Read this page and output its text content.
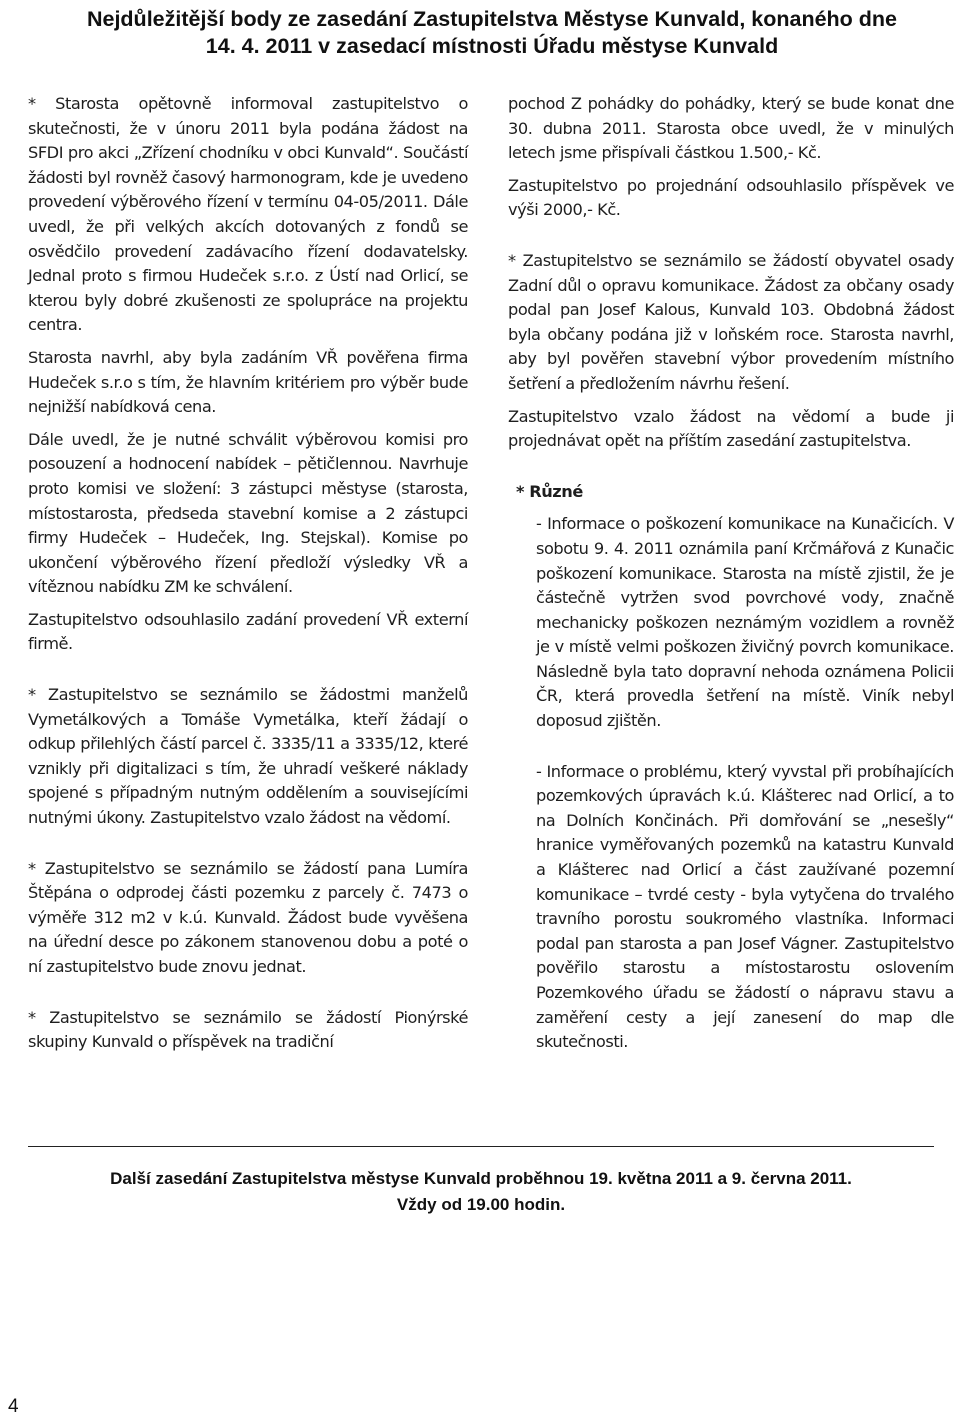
Nejdůležitější body ze zasedání Zastupitelstva Městyse Kunvald, konaného dne
14. 4. 2011 v zasedací místnosti Úřadu městyse Kunvald

* Starosta opětovně informoval zastupitelstvo o skutečnosti, že v únoru 2011 byla podána žádost na SFDI pro akci „Zřízení chodníku v obci Kunvald“. Součástí žádosti byl rovněž časový harmonogram, kde je uvedeno provedení výběrového řízení v termínu 04-05/2011. Dále uvedl, že při velkých akcích dotovaných z fondů se osvědčilo provedení zadávacího řízení dodavatelsky. Jednal proto s firmou Hudeček s.r.o. z Ústí nad Orlicí, se kterou byly dobré zkušenosti ze spolupráce na projektu centra.

Starosta navrhl, aby byla zadáním VŘ pověřena firma Hudeček s.r.o s tím, že hlavním kritériem pro výběr bude nejnižší nabídková cena.

Dále uvedl, že je nutné schválit výběrovou komisi pro posouzení a hodnocení nabídek – pětičlennou. Navrhuje proto komisi ve složení: 3 zástupci městyse (starosta, místostarosta, předseda stavební komise a 2 zástupci firmy Hudeček – Hudeček, Ing. Stejskal). Komise po ukončení výběrového řízení předloží výsledky VŘ a vítěznou nabídku ZM ke schválení.

Zastupitelstvo odsouhlasilo zadání provedení VŘ externí firmě.

* Zastupitelstvo se seznámilo se žádostmi manželů Vymetálkových a Tomáše Vymetálka, kteří žádají o odkup přilehlých částí parcel č. 3335/11 a 3335/12, které vznikly při digitalizaci s tím, že uhradí veškeré náklady spojené s případným nutným oddělením a souvisejícími nutnými úkony. Zastupitelstvo vzalo žádost na vědomí.

* Zastupitelstvo se seznámilo se žádostí pana Lumíra Štěpána o odprodej části pozemku z parcely č. 7473 o výměře 312 m2 v k.ú. Kunvald. Žádost bude vyvěšena na úřední desce po zákonem stanovenou dobu a poté o ní zastupitelstvo bude znovu jednat.

* Zastupitelstvo se seznámilo se žádostí Pionýrské skupiny Kunvald o příspěvek na tradiční

pochod Z pohádky do pohádky, který se bude konat dne 30. dubna 2011. Starosta obce uvedl, že v minulých letech jsme přispívali částkou 1.500,- Kč.

Zastupitelstvo po projednání odsouhlasilo příspěvek ve výši 2000,- Kč.

* Zastupitelstvo se seznámilo se žádostí obyvatel osady Zadní důl o opravu komunikace. Žádost za občany osady podal pan Josef Kalous, Kunvald 103. Obdobná žádost byla občany podána již v loňském roce. Starosta navrhl, aby byl pověřen stavební výbor provedením místního šetření a předložením návrhu řešení.

Zastupitelstvo vzalo žádost na vědomí a bude ji projednávat opět na příštím zasedání zastupitelstva.

* Různé

- Informace o poškození komunikace na Kunačicích. V sobotu 9. 4. 2011 oznámila paní Krčmářová z Kunačic poškození komunikace. Starosta na místě zjistil, že je částečně vytržen svod povrchové vody, značně mechanicky poškozen neznámým vozidlem a rovněž je v místě velmi poškozen živičný povrch komunikace. Následně byla tato dopravní nehoda oznámena Policii ČR, která provedla šetření na místě. Viník nebyl doposud zjištěn.

- Informace o problému, který vyvstal při probíhajících pozemkových úpravách k.ú. Klášterec nad Orlicí, a to na Dolních Končinách. Při domřování se „nesešly“ hranice vyměřovaných pozemků na katastru Kunvald a Klášterec nad Orlicí a část zaužívané pozemní komunikace – tvrdé cesty - byla vytyčena do trvalého travního porostu soukromého vlastníka. Informaci podal pan starosta a pan Josef Vágner. Zastupitelstvo pověřilo starostu a místostarostu oslovením Pozemkového úřadu se žádostí o nápravu stavu a zaměření cesty a její zanesení do map dle skutečnosti.

Další zasedání Zastupitelstva městyse Kunvald proběhnou 19. května 2011 a 9. června 2011.
Vždy od 19.00 hodin.
4
